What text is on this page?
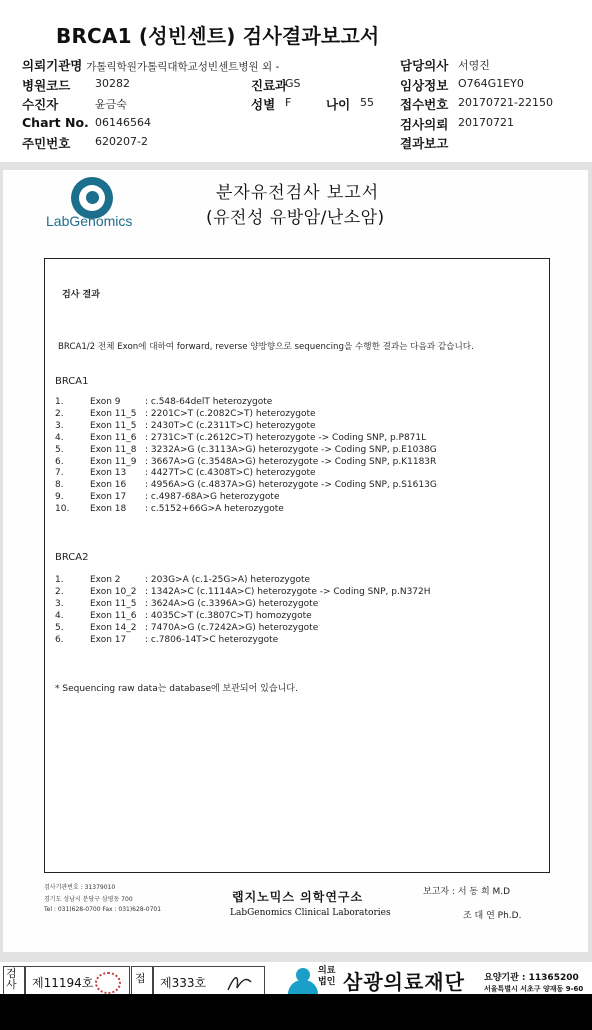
BRCA1 (성빈센트) 검사결과보고서
의뢰기관명 가톨릭학원가톨릭대학교성빈센트병원 외 -
병원코드 30282
수진자	윤금숙
Chart No. 06146564
주민번호 620207-2
진료과
GS
성별 F	나이 55
담당의사 서영진
임상정보 O764G1EY0
접수번호 20170721-22150
검사의뢰 20170721
결과보고
LabGenomics
분자유전검사 보고서
(유전성 유방암/난소암)
검사 결과
BRCA1/2 전체 Exon에 대하여 forward, reverse 양방향으로 sequencing을 수행한 결과는 다음과 같습니다.
BRCA1
1.	Exon 9	: c.548-64delT heterozygote
2.	Exon 11_5 : 2201C>T (c.2082C>T) heterozygote
3.	Exon 11_5 : 2430T>C (c.2311T>C) heterozygote
4.	Exon 11_6 : 2731C>T (c.2612C>T) heterozygote -> Coding SNP, p.P871L
5.	Exon 11_8 : 3232A>G (c.3113A>G) heterozygote -> Coding SNP, p.E1038G
6.	Exon 11_9 : 3667A>G (c.3548A>G) heterozygote -> Coding SNP, p.K1183R
7.	Exon 13 : 4427T>C (c.4308T>C) heterozygote
8.	Exon 16 : 4956A>G (c.4837A>G) heterozygote -> Coding SNP, p.S1613G
9.	Exon 17 : c.4987-68A>G heterozygote
10. Exon 18 : c.5152+66G>A heterozygote
BRCA2
1.	Exon 2	: 203G>A (c.1-25G>A) heterozygote
2.	Exon 10_2 : 1342A>C (c.1114A>C) heterozygote -> Coding SNP, p.N372H
3.	Exon 11_5 : 3624A>G (c.3396A>G) heterozygote
4.	Exon 11_6 : 4035C>T (c.3807C>T) homozygote
5.	Exon 14_2 : 7470A>G (c.7242A>G) heterozygote
6.	Exon 17 : c.7806-14T>C heterozygote
* Sequencing raw data는 database에 보관되어 있습니다.
검사기관번호 : 31379010
경기도 성남시 분당구 삼평동 700
Tel : 031)628-0700 Fax : 031)628-0701
랩지노믹스 의학연구소
LabGenomics Clinical Laboratories
보고자 : 서 동 희 M.D
조 대 연 Ph.D.
검사	제11194호	접 제333호
의료법인 삼광의료재단 요양기관 : 11365200
서울특별시 서초구 양재동 9-60
